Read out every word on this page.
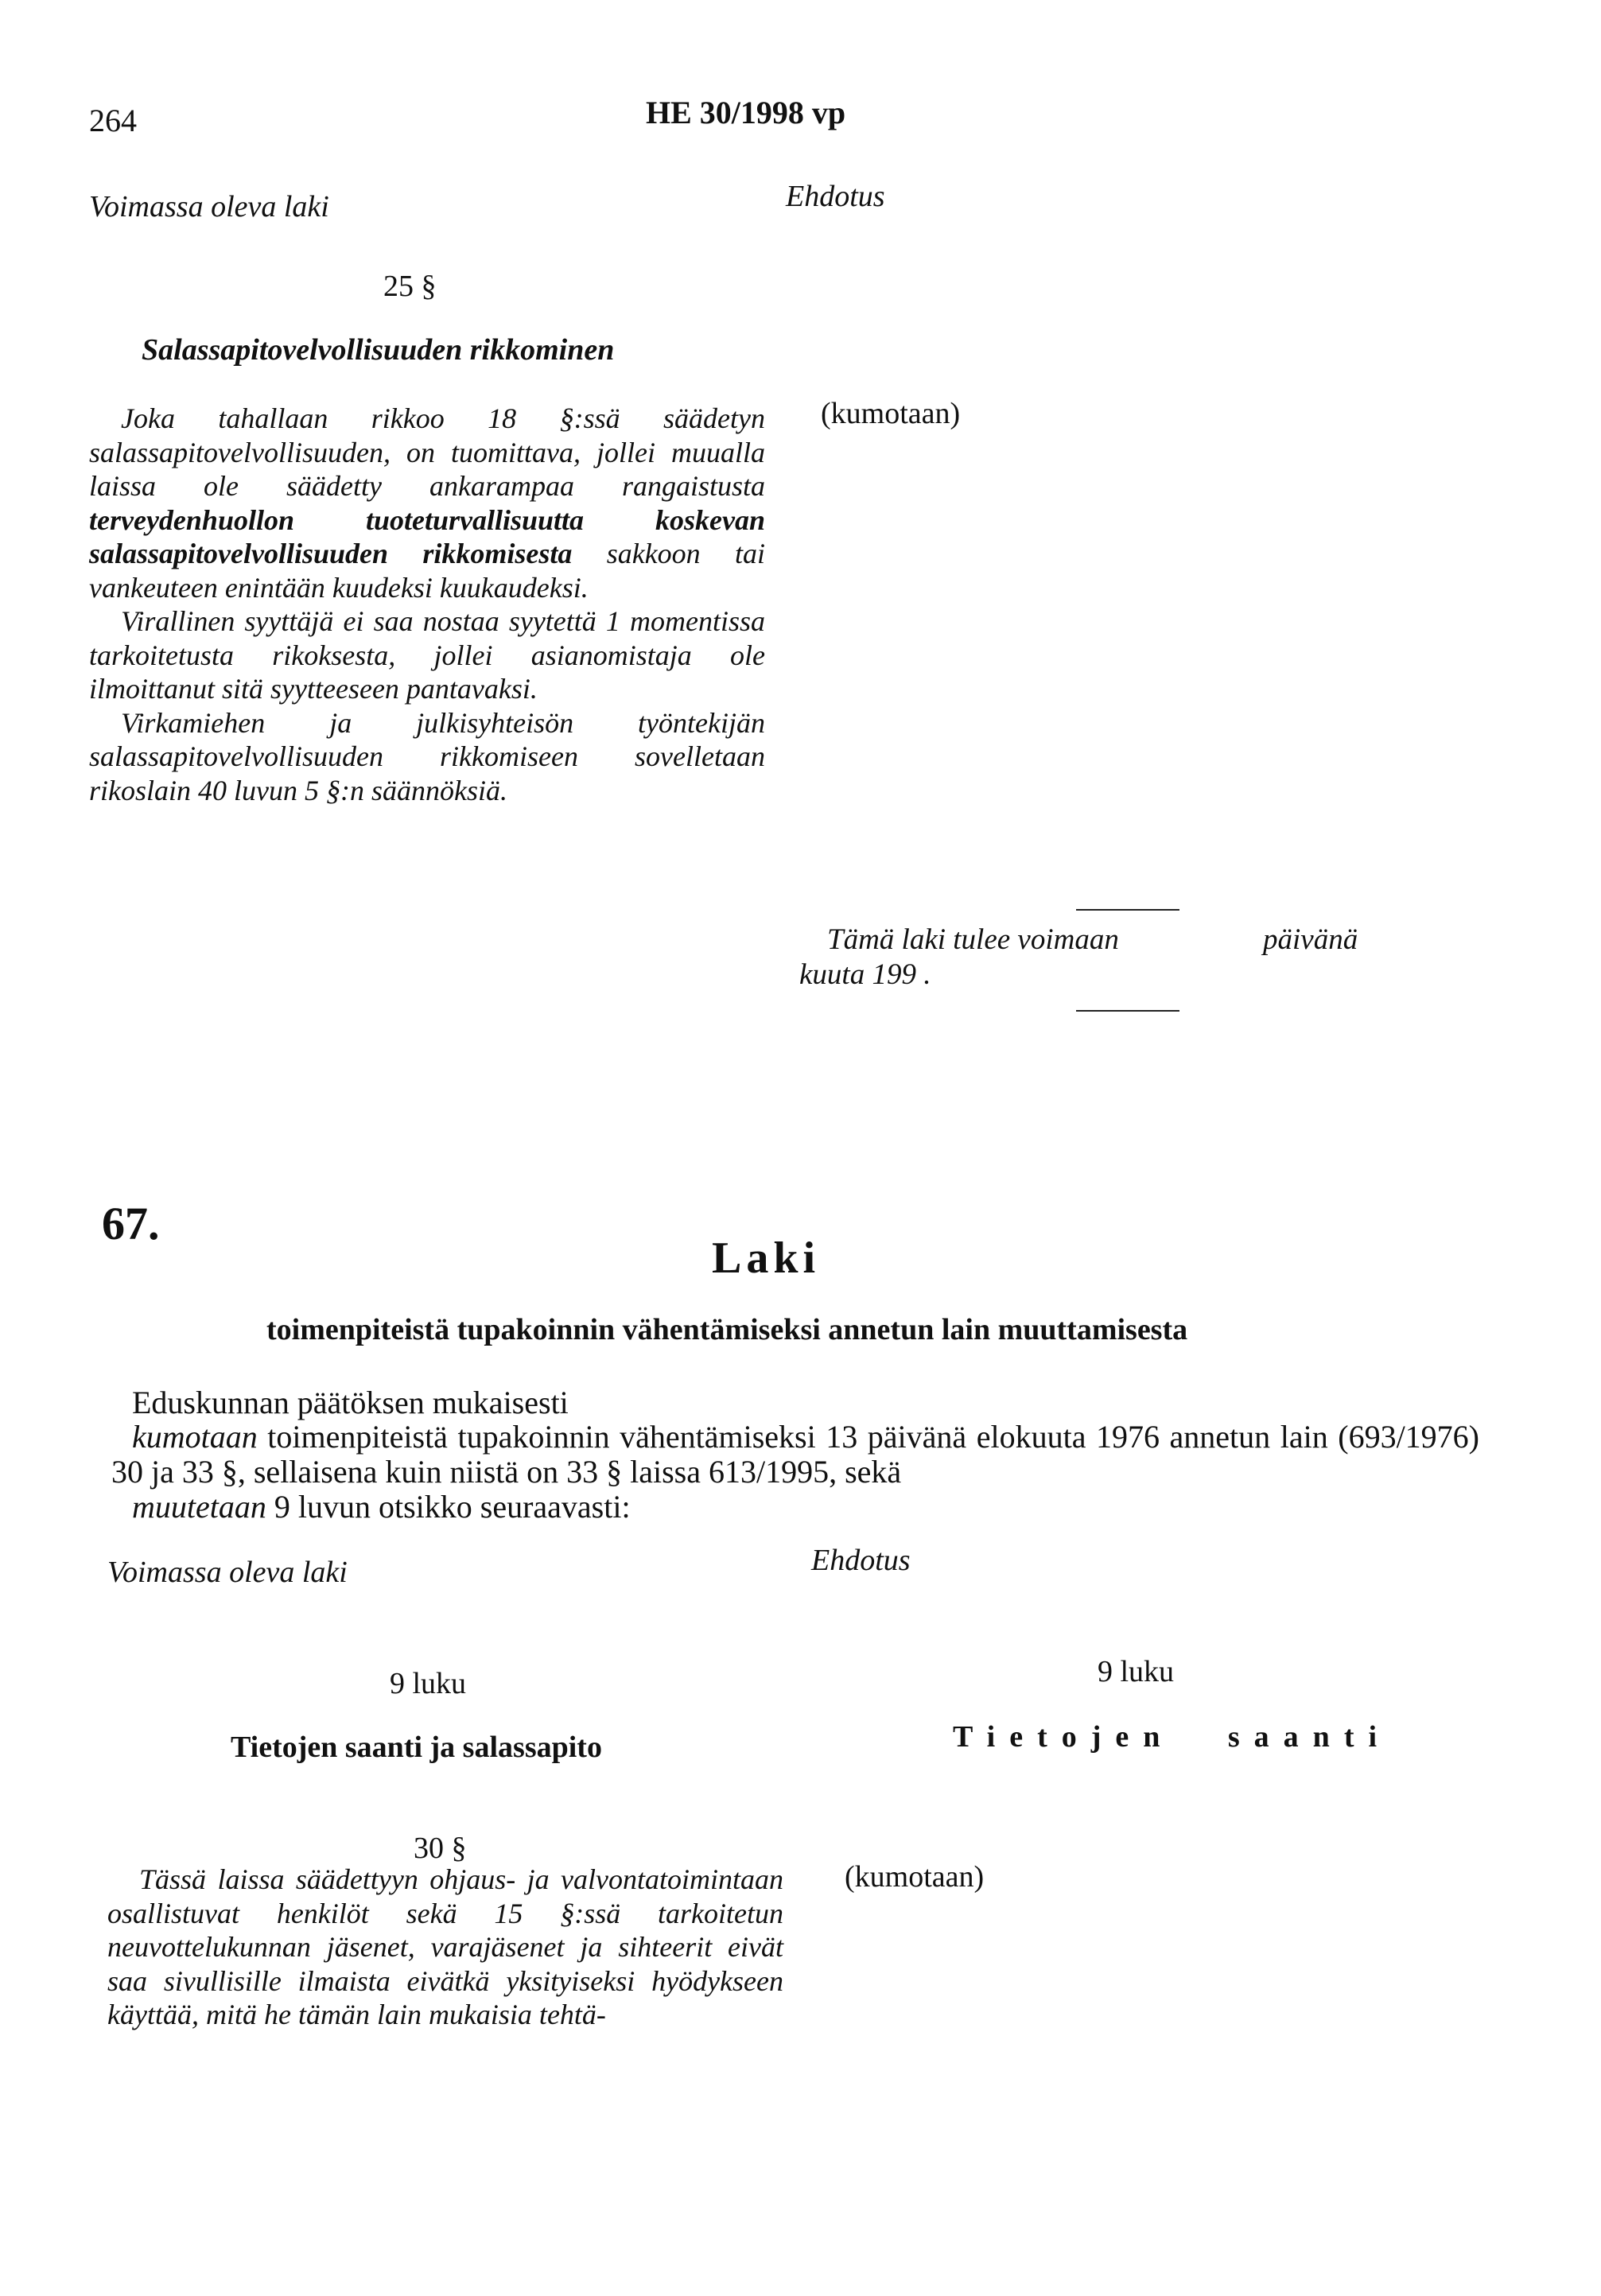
264	HE 30/1998 vp
Voimassa oleva laki	Ehdotus
25 §
Salassapitovelvollisuuden rikkominen

Joka tahallaan rikkoo 18 §:ssä säädetyn salassapitovelvollisuuden, on tuomittava, jollei muualla laissa ole säädetty ankarampaa rangaistusta terveydenhuollon tuoteturvallisuutta koskevan salassapitovelvollisuuden rikkomisesta sakkoon tai vankeuteen enintään kuudeksi kuukaudeksi.

Virallinen syyttäjä ei saa nostaa syytettä 1 momentissa tarkoitetusta rikoksesta, jollei asianomistaja ole ilmoittanut sitä syytteeseen pantavaksi.

Virkamiehen ja julkisyhteisön työntekijän salassapitovelvollisuuden rikkomiseen sovelletaan rikoslain 40 luvun 5 §:n säännöksiä.

(kumotaan)
Tämä laki tulee voimaan	päivänä
kuuta 199 .
67.
Laki
toimenpiteistä tupakoinnin vähentämiseksi annetun lain muuttamisesta
Eduskunnan päätöksen mukaisesti
kumotaan toimenpiteistä tupakoinnin vähentämiseksi 13 päivänä elokuuta 1976 annetun lain (693/1976) 30 ja 33 §, sellaisena kuin niistä on 33 § laissa 613/1995, sekä
muutetaan 9 luvun otsikko seuraavasti:
Voimassa oleva laki	Ehdotus
9 luku
Tietojen saanti ja salassapito
9 luku
Tietojen saanti
30 §

Tässä laissa säädettyyn ohjaus- ja valvontatoimintaan osallistuvat henkilöt sekä 15 §:ssä tarkoitetun neuvottelukunnan jäsenet, varajäsenet ja sihteerit eivät saa sivullisille ilmaista eivätkä yksityiseksi hyödykseen käyttää, mitä he tämän lain mukaisia tehtä-

(kumotaan)
